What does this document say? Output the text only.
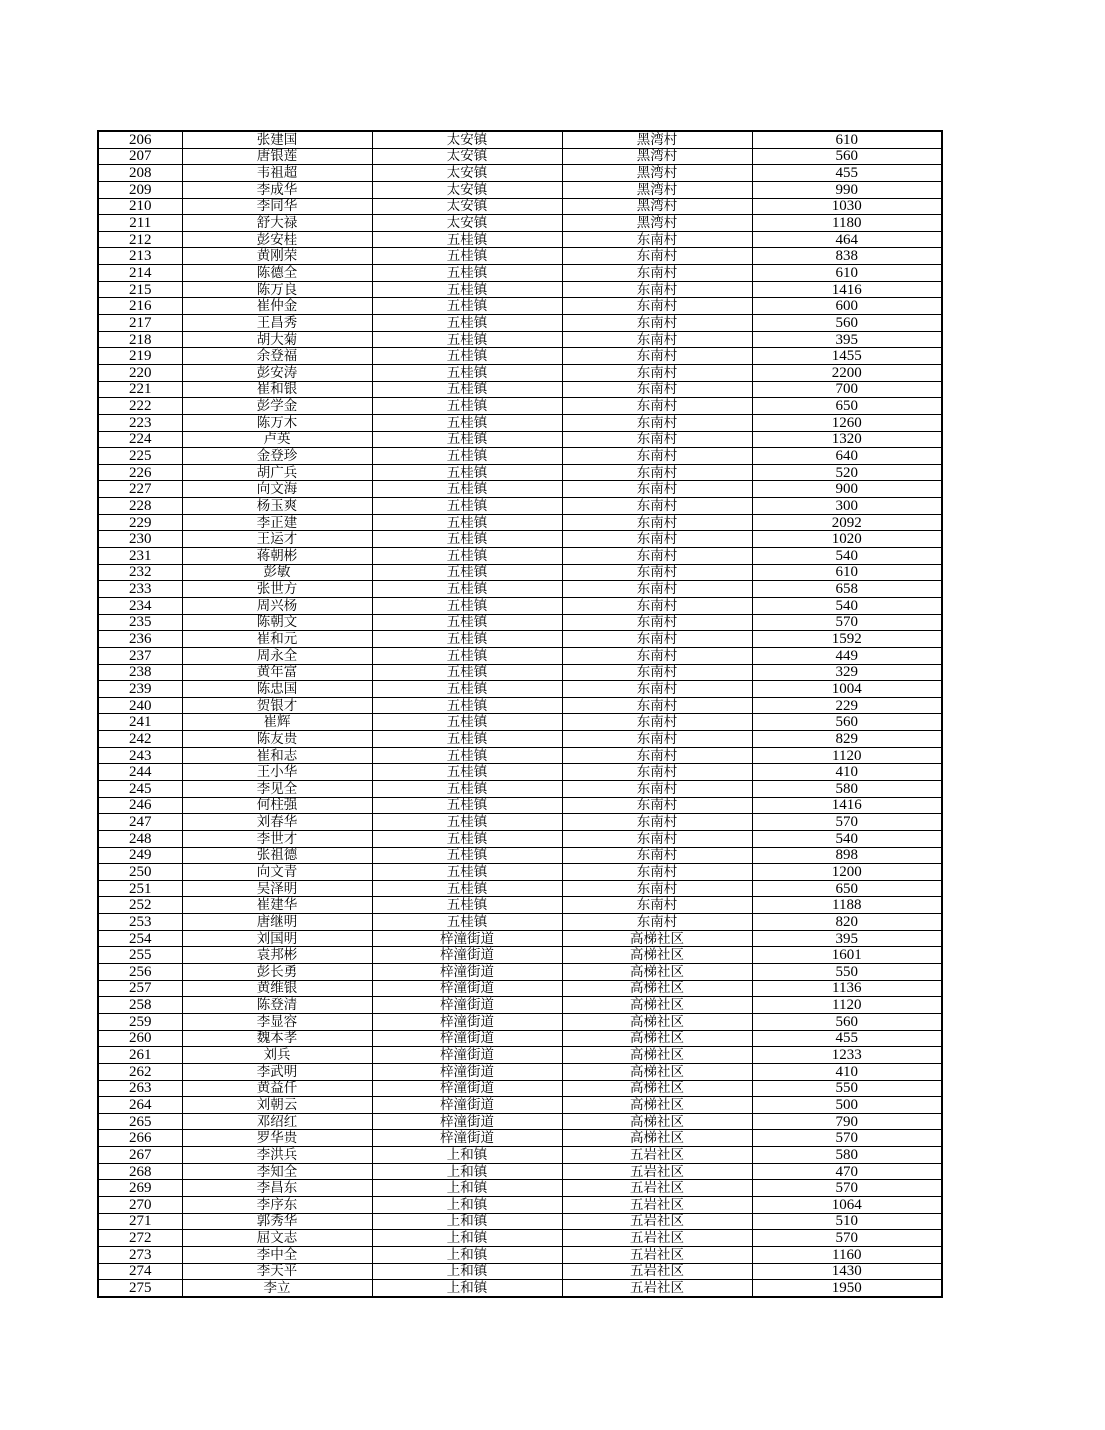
206	张建国	太安镇	黑湾村	610
207	唐银莲	太安镇	黑湾村	560
208	韦祖超	太安镇	黑湾村	455
209	李成华	太安镇	黑湾村	990
210	李同华	太安镇	黑湾村	1030
211	舒大禄	太安镇	黑湾村	1180
212	彭安桂	五桂镇	东南村	464
213	黄刚荣	五桂镇	东南村	838
214	陈德全	五桂镇	东南村	610
215	陈万良	五桂镇	东南村	1416
216	崔仲金	五桂镇	东南村	600
217	王昌秀	五桂镇	东南村	560
218	胡大菊	五桂镇	东南村	395
219	余登福	五桂镇	东南村	1455
220	彭安涛	五桂镇	东南村	2200
221	崔和银	五桂镇	东南村	700
222	彭学金	五桂镇	东南村	650
223	陈万木	五桂镇	东南村	1260
224	卢英	五桂镇	东南村	1320
225	金登珍	五桂镇	东南村	640
226	胡广兵	五桂镇	东南村	520
227	向文海	五桂镇	东南村	900
228	杨玉爽	五桂镇	东南村	300
229	李正建	五桂镇	东南村	2092
230	王运才	五桂镇	东南村	1020
231	蒋朝彬	五桂镇	东南村	540
232	彭敏	五桂镇	东南村	610
233	张世方	五桂镇	东南村	658
234	周兴杨	五桂镇	东南村	540
235	陈朝文	五桂镇	东南村	570
236	崔和元	五桂镇	东南村	1592
237	周永全	五桂镇	东南村	449
238	黄年富	五桂镇	东南村	329
239	陈忠国	五桂镇	东南村	1004
240	贺银才	五桂镇	东南村	229
241	崔辉	五桂镇	东南村	560
242	陈友贵	五桂镇	东南村	829
243	崔和志	五桂镇	东南村	1120
244	王小华	五桂镇	东南村	410
245	李见全	五桂镇	东南村	580
246	何柱强	五桂镇	东南村	1416
247	刘春华	五桂镇	东南村	570
248	李世才	五桂镇	东南村	540
249	张祖德	五桂镇	东南村	898
250	向文青	五桂镇	东南村	1200
251	吴泽明	五桂镇	东南村	650
252	崔建华	五桂镇	东南村	1188
253	唐继明	五桂镇	东南村	820
254	刘国明	梓潼街道	高梯社区	395
255	袁邦彬	梓潼街道	高梯社区	1601
256	彭长勇	梓潼街道	高梯社区	550
257	黄维银	梓潼街道	高梯社区	1136
258	陈登清	梓潼街道	高梯社区	1120
259	李显容	梓潼街道	高梯社区	560
260	魏本孝	梓潼街道	高梯社区	455
261	刘兵	梓潼街道	高梯社区	1233
262	李武明	梓潼街道	高梯社区	410
263	黄益仟	梓潼街道	高梯社区	550
264	刘朝云	梓潼街道	高梯社区	500
265	邓绍红	梓潼街道	高梯社区	790
266	罗华贵	梓潼街道	高梯社区	570
267	李洪兵	上和镇	五岩社区	580
268	李知全	上和镇	五岩社区	470
269	李昌东	上和镇	五岩社区	570
270	李序东	上和镇	五岩社区	1064
271	郭秀华	上和镇	五岩社区	510
272	屈文志	上和镇	五岩社区	570
273	李中全	上和镇	五岩社区	1160
274	李天平	上和镇	五岩社区	1430
275	李立	上和镇	五岩社区	1950
